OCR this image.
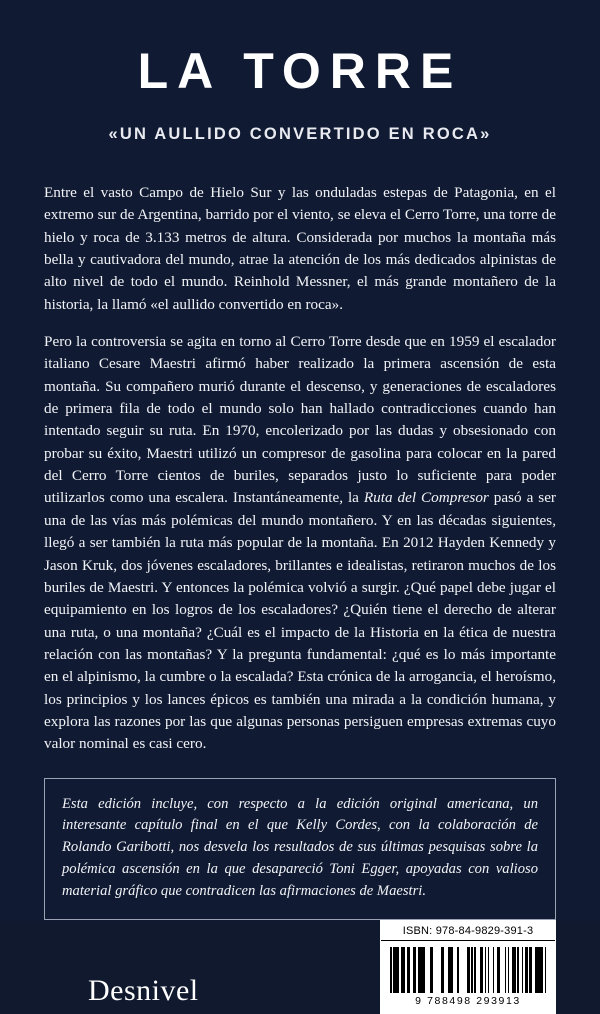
LA TORRE
«UN AULLIDO CONVERTIDO EN ROCA»

Entre el vasto Campo de Hielo Sur y las onduladas estepas de Patagonia, en el extremo sur de Argentina, barrido por el viento, se eleva el Cerro Torre, una torre de hielo y roca de 3.133 metros de altura. Considerada por muchos la montaña más bella y cautivadora del mundo, atrae la atención de los más dedicados alpinistas de alto nivel de todo el mundo. Reinhold Messner, el más grande montañero de la historia, la llamó «el aullido convertido en roca».

Pero la controversia se agita en torno al Cerro Torre desde que en 1959 el escalador italiano Cesare Maestri afirmó haber realizado la primera ascensión de esta montaña. Su compañero murió durante el descenso, y generaciones de escaladores de primera fila de todo el mundo solo han hallado contradicciones cuando han intentado seguir su ruta. En 1970, encolerizado por las dudas y obsesionado con probar su éxito, Maestri utilizó un compresor de gasolina para colocar en la pared del Cerro Torre cientos de buriles, separados justo lo suficiente para poder utilizarlos como una escalera. Instantáneamente, la Ruta del Compresor pasó a ser una de las vías más polémicas del mundo montañero. Y en las décadas siguientes, llegó a ser también la ruta más popular de la montaña. En 2012 Hayden Kennedy y Jason Kruk, dos jóvenes escaladores, brillantes e idealistas, retiraron muchos de los buriles de Maestri. Y entonces la polémica volvió a surgir. ¿Qué papel debe jugar el equipamiento en los logros de los escaladores? ¿Quién tiene el derecho de alterar una ruta, o una montaña? ¿Cuál es el impacto de la Historia en la ética de nuestra relación con las montañas? Y la pregunta fundamental: ¿qué es lo más importante en el alpinismo, la cumbre o la escalada? Esta crónica de la arrogancia, el heroísmo, los principios y los lances épicos es también una mirada a la condición humana, y explora las razones por las que algunas personas persiguen empresas extremas cuyo valor nominal es casi cero.

Esta edición incluye, con respecto a la edición original americana, un interesante capítulo final en el que Kelly Cordes, con la colaboración de Rolando Garibotti, nos desvela los resultados de sus últimas pesquisas sobre la polémica ascensión en la que desapareció Toni Egger, apoyadas con valioso material gráfico que contradicen las afirmaciones de Maestri.

Desnivel
ISBN: 978-84-9829-391-3
9 788498 293913
